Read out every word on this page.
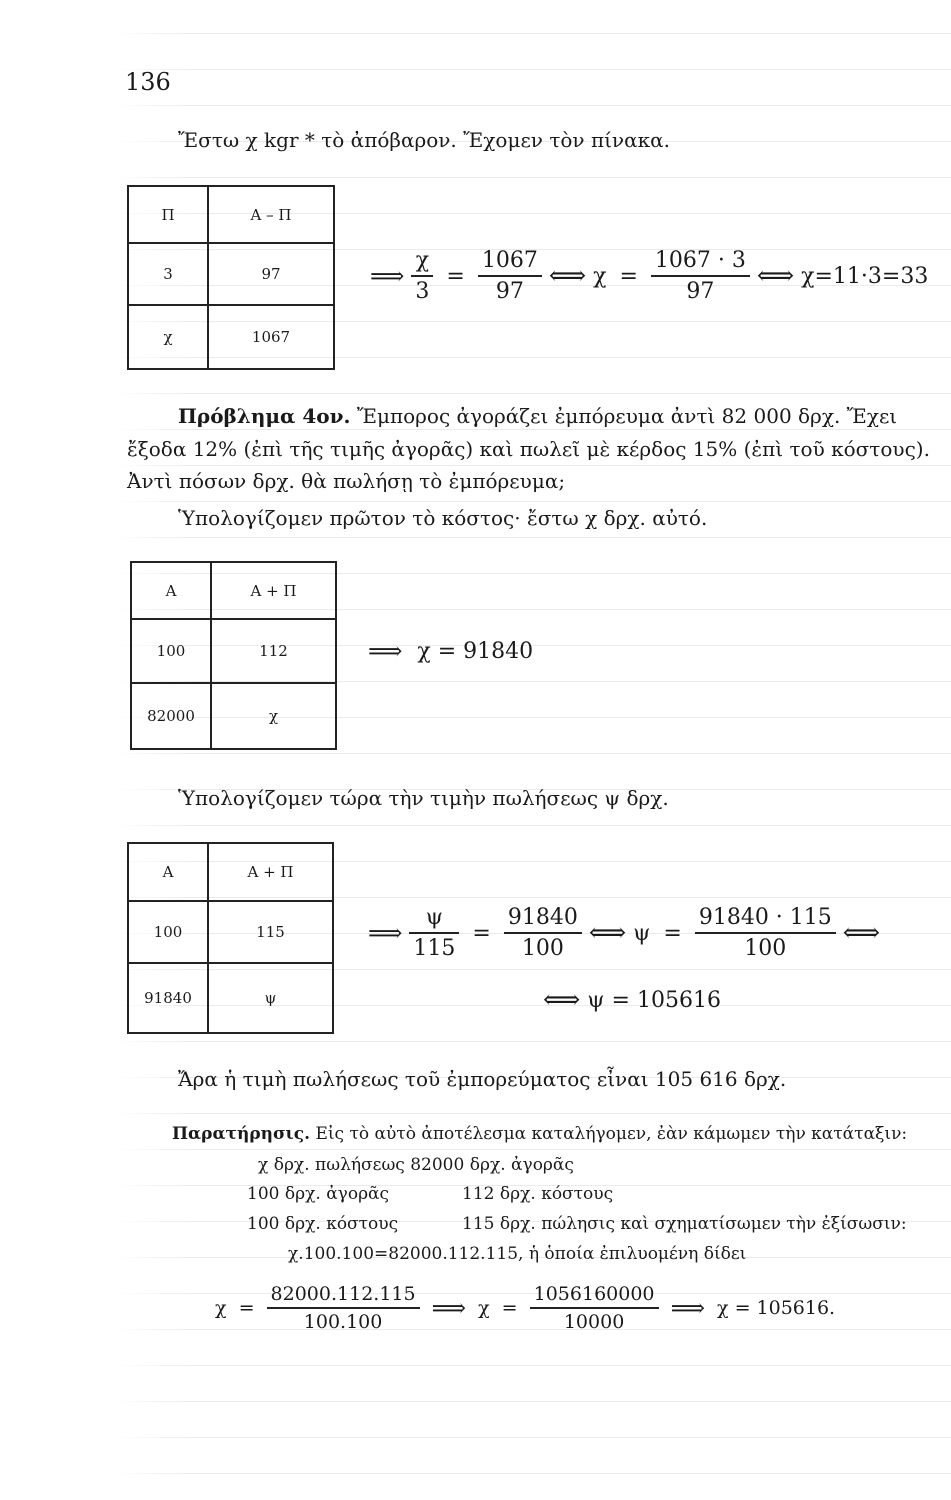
136
Ἔστω χ kgr * τὸ ἀπόβαρον. Ἔχομεν τὸν πίνακα.
Π	Α – Π
3	97
χ	1067
⟹ $\frac{\chi}{3} = \frac{1067}{97}$ ⟺ $\chi = \frac{1067 \cdot 3}{97}$ ⟺ χ=11·3=33
Πρόβλημα 4ον. Ἔμπορος ἀγοράζει ἐμπόρευμα ἀντὶ 82 000 δρχ. Ἔχει
ἔξοδα 12% (ἐπὶ τῆς τιμῆς ἀγορᾶς) καὶ πωλεῖ μὲ κέρδος 15% (ἐπὶ τοῦ κόστους).
Ἀντὶ πόσων δρχ. θὰ πωλήσῃ τὸ ἐμπόρευμα;
Ὑπολογίζομεν πρῶτον τὸ κόστος· ἔστω χ δρχ. αὐτό.
Α	Α + Π
100	112
82000	χ
⟹ χ = 91840
Ὑπολογίζομεν τώρα τὴν τιμὴν πωλήσεως ψ δρχ.
Α	Α + Π
100	115
91840	ψ
⟹ $\frac{\psi}{115} = \frac{91840}{100}$ ⟺ $\psi = \frac{91840 \cdot 115}{100}$ ⟺
⟺ ψ = 105616
Ἄρα ἡ τιμὴ πωλήσεως τοῦ ἐμπορεύματος εἶναι 105 616 δρχ.
Παρατήρησις. Εἰς τὸ αὐτὸ ἀποτέλεσμα καταλήγομεν, ἐὰν κάμωμεν τὴν κατάταξιν:
χ δρχ. πωλήσεως 82000 δρχ. ἀγορᾶς
100 δρχ. ἀγορᾶς	112 δρχ. κόστους
100 δρχ. κόστους	115 δρχ. πώλησις καὶ σχηματίσωμεν τὴν ἐξίσωσιν:
χ.100.100=82000.112.115, ἡ ὁποία ἐπιλυομένη δίδει
$\chi = \frac{82000.112.115}{100.100}$ ⟹ $\chi = \frac{1056160000}{10000}$ ⟹ χ = 105616.
